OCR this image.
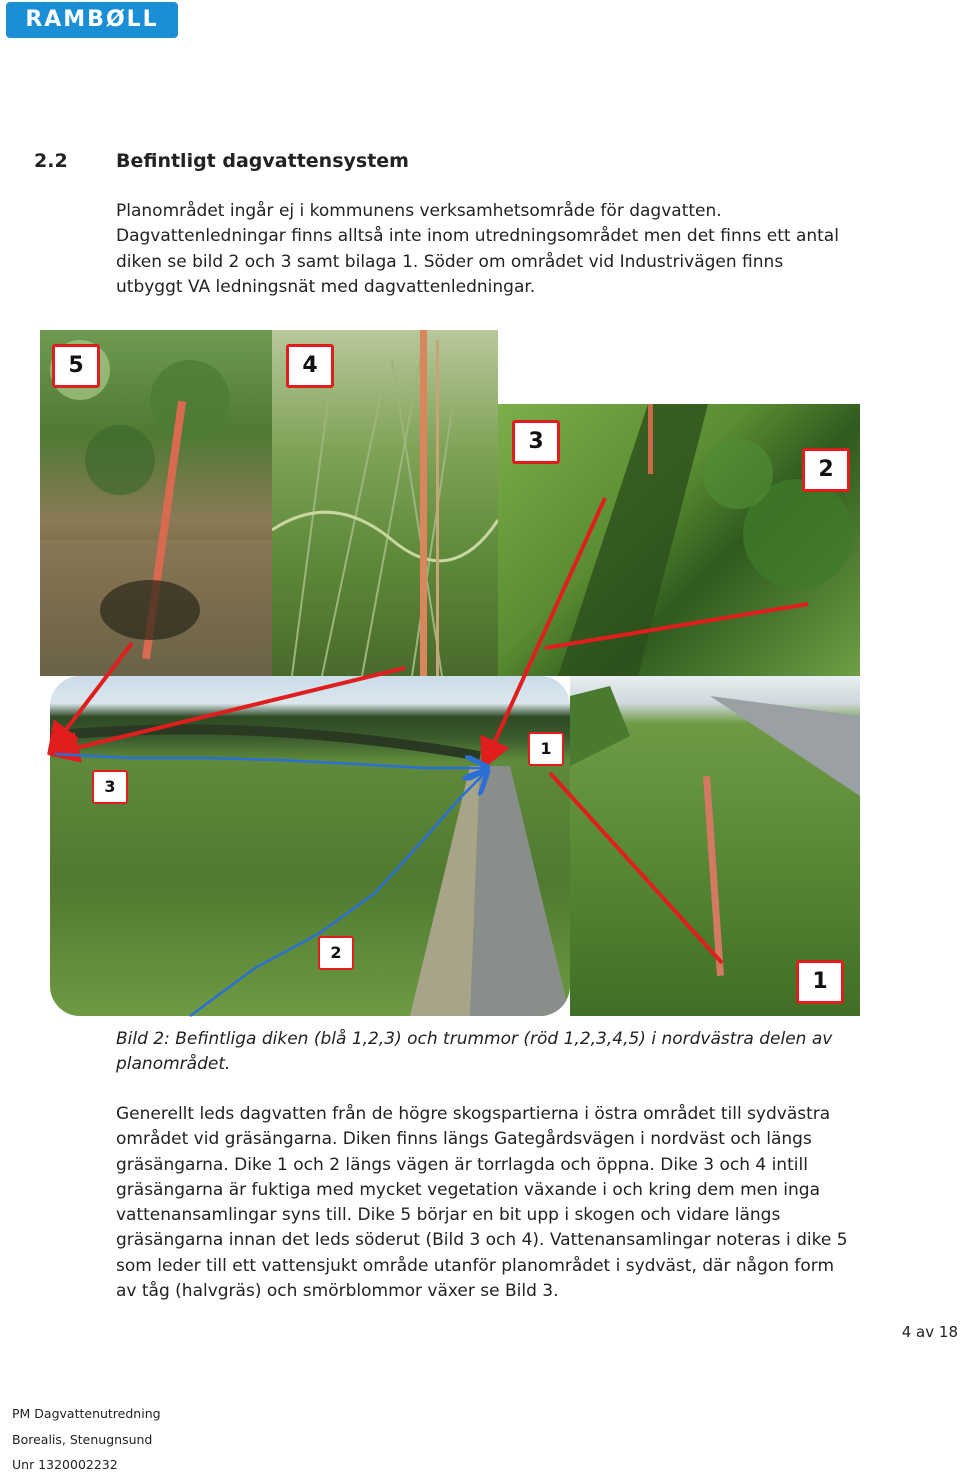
RAMBØLL
2.2	Befintligt dagvattensystem
Planområdet ingår ej i kommunens verksamhetsområde för dagvatten. Dagvattenledningar finns alltså inte inom utredningsområdet men det finns ett antal diken se bild 2 och 3 samt bilaga 1. Söder om området vid Industrivägen finns utbyggt VA ledningsnät med dagvattenledningar.
5	4
3
2
1
1
3
2
Bild 2: Befintliga diken (blå 1,2,3) och trummor (röd 1,2,3,4,5) i nordvästra delen av planområdet.
Generellt leds dagvatten från de högre skogspartierna i östra området till sydvästra området vid gräsängarna. Diken finns längs Gategårdsvägen i nordväst och längs gräsängarna. Dike 1 och 2 längs vägen är torrlagda och öppna. Dike 3 och 4 intill gräsängarna är fuktiga med mycket vegetation växande i och kring dem men inga vattenansamlingar syns till. Dike 5 börjar en bit upp i skogen och vidare längs gräsängarna innan det leds söderut (Bild 3 och 4). Vattenansamlingar noteras i dike 5 som leder till ett vattensjukt område utanför planområdet i sydväst, där någon form av tåg (halvgräs) och smörblommor växer se Bild 3.
4 av 18
PM Dagvattenutredning
Borealis, Stenugnsund
Unr 1320002232
